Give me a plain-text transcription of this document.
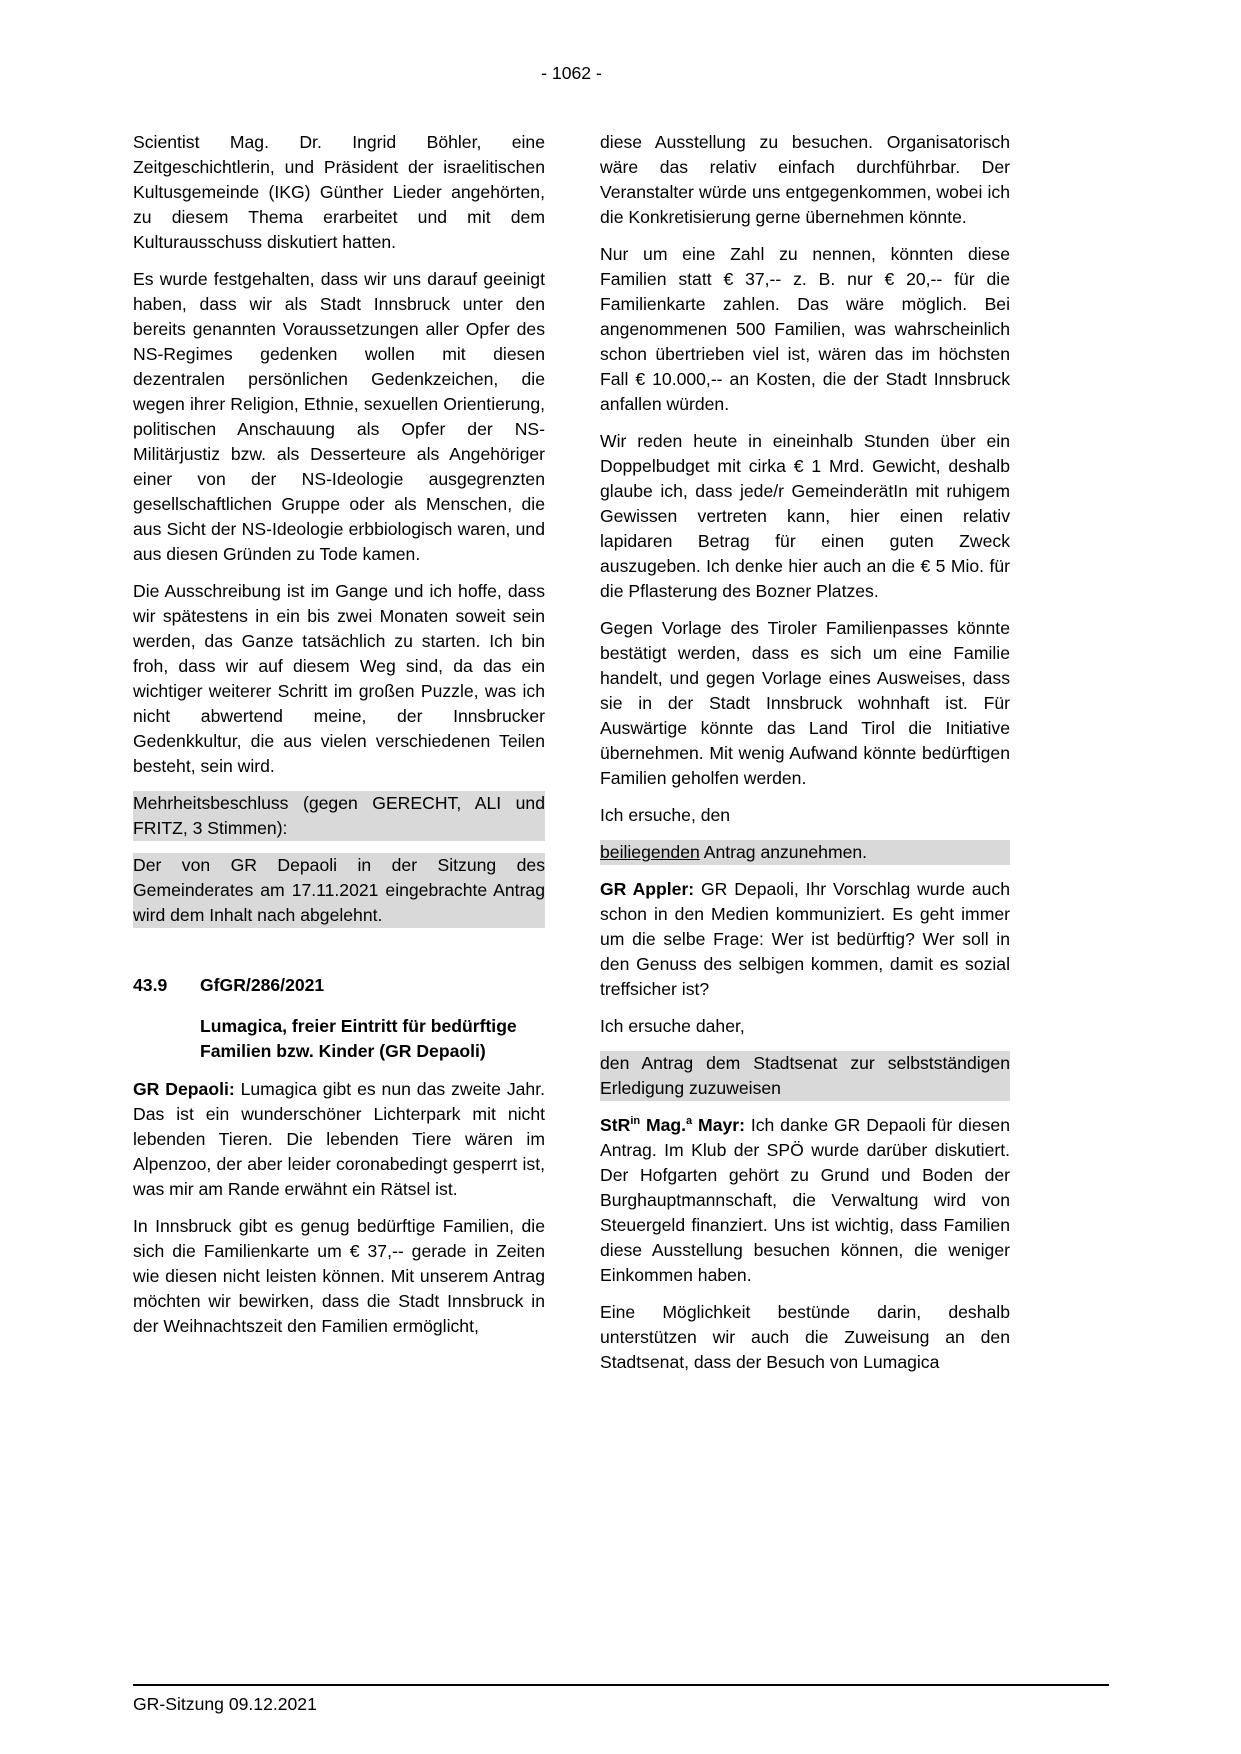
- 1062 -

Scientist Mag. Dr. Ingrid Böhler, eine Zeitgeschichtlerin, und Präsident der israelitischen Kultusgemeinde (IKG) Günther Lieder angehörten, zu diesem Thema erarbeitet und mit dem Kulturausschuss diskutiert hatten.

Es wurde festgehalten, dass wir uns darauf geeinigt haben, dass wir als Stadt Innsbruck unter den bereits genannten Voraussetzungen aller Opfer des NS-Regimes gedenken wollen mit diesen dezentralen persönlichen Gedenkzeichen, die wegen ihrer Religion, Ethnie, sexuellen Orientierung, politischen Anschauung als Opfer der NS-Militärjustiz bzw. als Desserteure als Angehöriger einer von der NS-Ideologie ausgegrenzten gesellschaftlichen Gruppe oder als Menschen, die aus Sicht der NS-Ideologie erbbiologisch waren, und aus diesen Gründen zu Tode kamen.

Die Ausschreibung ist im Gange und ich hoffe, dass wir spätestens in ein bis zwei Monaten soweit sein werden, das Ganze tatsächlich zu starten. Ich bin froh, dass wir auf diesem Weg sind, da das ein wichtiger weiterer Schritt im großen Puzzle, was ich nicht abwertend meine, der Innsbrucker Gedenkkultur, die aus vielen verschiedenen Teilen besteht, sein wird.

Mehrheitsbeschluss (gegen GERECHT, ALI und FRITZ, 3 Stimmen):

Der von GR Depaoli in der Sitzung des Gemeinderates am 17.11.2021 eingebrachte Antrag wird dem Inhalt nach abgelehnt.

43.9	GfGR/286/2021

Lumagica, freier Eintritt für bedürftige Familien bzw. Kinder (GR Depaoli)

GR Depaoli: Lumagica gibt es nun das zweite Jahr. Das ist ein wunderschöner Lichterpark mit nicht lebenden Tieren. Die lebenden Tiere wären im Alpenzoo, der aber leider coronabedingt gesperrt ist, was mir am Rande erwähnt ein Rätsel ist.

In Innsbruck gibt es genug bedürftige Familien, die sich die Familienkarte um € 37,-- gerade in Zeiten wie diesen nicht leisten können. Mit unserem Antrag möchten wir bewirken, dass die Stadt Innsbruck in der Weihnachtszeit den Familien ermöglicht,

diese Ausstellung zu besuchen. Organisatorisch wäre das relativ einfach durchführbar. Der Veranstalter würde uns entgegenkommen, wobei ich die Konkretisierung gerne übernehmen könnte.

Nur um eine Zahl zu nennen, könnten diese Familien statt € 37,-- z. B. nur € 20,-- für die Familienkarte zahlen. Das wäre möglich. Bei angenommenen 500 Familien, was wahrscheinlich schon übertrieben viel ist, wären das im höchsten Fall € 10.000,-- an Kosten, die der Stadt Innsbruck anfallen würden.

Wir reden heute in eineinhalb Stunden über ein Doppelbudget mit cirka € 1 Mrd. Gewicht, deshalb glaube ich, dass jede/r GemeinderätIn mit ruhigem Gewissen vertreten kann, hier einen relativ lapidaren Betrag für einen guten Zweck auszugeben. Ich denke hier auch an die € 5 Mio. für die Pflasterung des Bozner Platzes.

Gegen Vorlage des Tiroler Familienpasses könnte bestätigt werden, dass es sich um eine Familie handelt, und gegen Vorlage eines Ausweises, dass sie in der Stadt Innsbruck wohnhaft ist. Für Auswärtige könnte das Land Tirol die Initiative übernehmen. Mit wenig Aufwand könnte bedürftigen Familien geholfen werden.

Ich ersuche, den

beiliegenden Antrag anzunehmen.

GR Appler: GR Depaoli, Ihr Vorschlag wurde auch schon in den Medien kommuniziert. Es geht immer um die selbe Frage: Wer ist bedürftig? Wer soll in den Genuss des selbigen kommen, damit es sozial treffsicher ist?

Ich ersuche daher,

den Antrag dem Stadtsenat zur selbstständigen Erledigung zuzuweisen

StR$^{in}$ Mag.$^a$ Mayr: Ich danke GR Depaoli für diesen Antrag. Im Klub der SPÖ wurde darüber diskutiert. Der Hofgarten gehört zu Grund und Boden der Burghauptmannschaft, die Verwaltung wird von Steuergeld finanziert. Uns ist wichtig, dass Familien diese Ausstellung besuchen können, die weniger Einkommen haben.

Eine Möglichkeit bestünde darin, deshalb unterstützen wir auch die Zuweisung an den Stadtsenat, dass der Besuch von Lumagica

GR-Sitzung 09.12.2021
